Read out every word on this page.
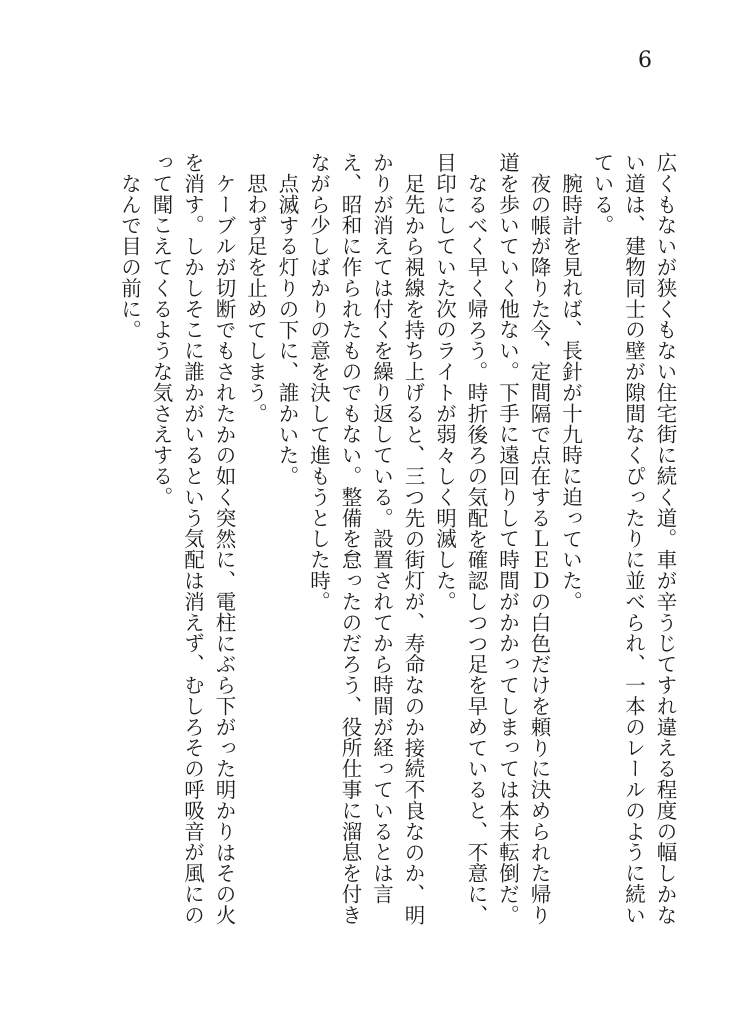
6

広くもないが狭くもない住宅街に続く道。車が辛うじてすれ違える程度の幅しかない道は、建物同士の壁が隙間なくぴったりに並べられ、一本のレールのように続いている。

腕時計を見れば、長針が十九時に迫っていた。

夜の帳が降りた今、定間隔で点在するＬＥＤの白色だけを頼りに決められた帰り道を歩いていく他ない。下手に遠回りして時間がかかってしまっては本末転倒だ。

なるべく早く帰ろう。時折後ろの気配を確認しつつ足を早めていると、不意に、目印にしていた次のライトが弱々しく明滅した。

足先から視線を持ち上げると、三つ先の街灯が、寿命なのか接続不良なのか、明かりが消えては付くを繰り返している。設置されてから時間が経っているとは言え、昭和に作られたものでもない。整備を怠ったのだろう、役所仕事に溜息を付きながら少しばかりの意を決して進もうとした時。

点滅する灯りの下に、誰かいた。

思わず足を止めてしまう。

ケーブルが切断でもされたかの如く突然に、電柱にぶら下がった明かりはその火を消す。しかしそこに誰かがいるという気配は消えず、むしろその呼吸音が風にのって聞こえてくるような気さえする。

なんで目の前に。
